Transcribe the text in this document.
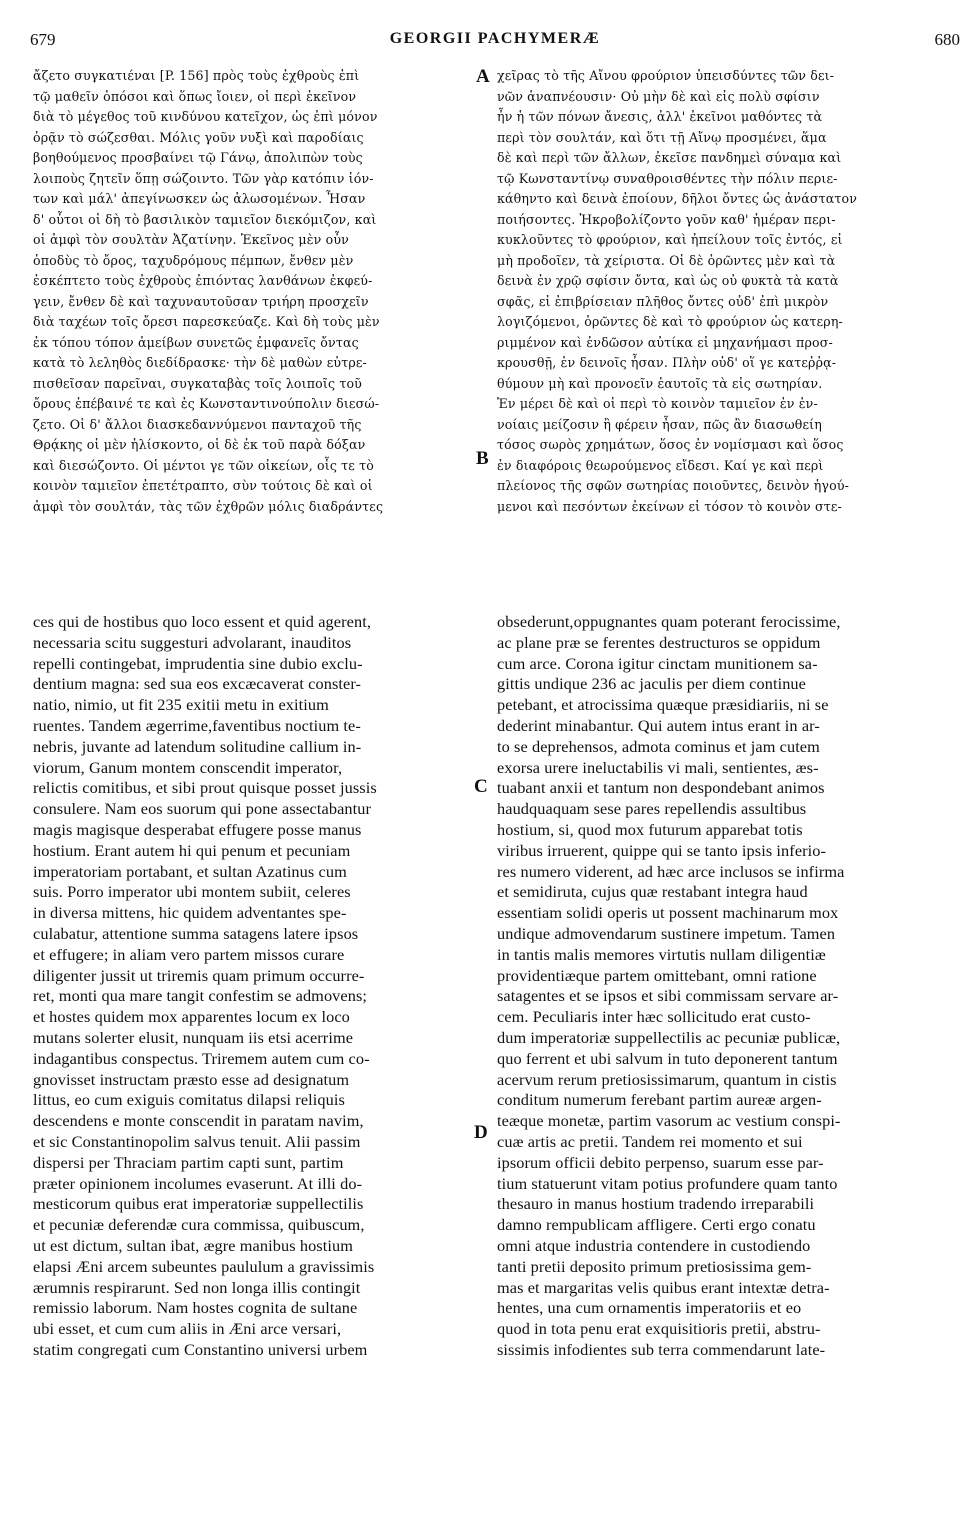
679	GEORGII PACHYMERÆ	680
ἄζετο συγκατιέναι [P. 156] πρὸς τοὺς ἐχθροὺς ἐπὶ
τῷ μαθεῖν ὁπόσοι καὶ ὅπως ἴοιεν, οἱ περὶ ἐκεῖνον
διὰ τὸ μέγεθος τοῦ κινδύνου κατεῖχον, ὡς ἐπὶ μόνον
ὁρᾷν τὸ σώζεσθαι. Μόλις γοῦν νυξὶ καὶ παροδίαις
βοηθούμενος προσβαίνει τῷ Γάνῳ, ἀπολιπὼν τοὺς
λοιποὺς ζητεῖν ὅπῃ σώζοιντο. Τῶν γὰρ κατόπιν ἰόν-
των καὶ μάλ' ἀπεγίνωσκεν ὡς ἁλωσομένων. Ἦσαν
δ' οὗτοι οἱ δὴ τὸ βασιλικὸν ταμιεῖον διεκόμιζον, καὶ
οἱ ἀμφὶ τὸν σουλτὰν Ἀζατίνην. Ἐκεῖνος μὲν οὖν
ὁποδὺς τὸ ὄρος, ταχυδρόμους πέμπων, ἔνθεν μὲν
ἐσκέπτετο τοὺς ἐχθροὺς ἐπιόντας λανθάνων ἐκφεύ-
γειν, ἔνθεν δὲ καὶ ταχυναυτοῦσαν τριήρη προσχεῖν
διὰ ταχέων τοῖς ὄρεσι παρεσκεύαζε. Καὶ δὴ τοὺς μὲν
ἐκ τόπου τόπον ἀμείβων συνετῶς ἐμφανεῖς ὄντας
κατὰ τὸ λεληθὸς διεδίδρασκε· τὴν δὲ μαθὼν εὐτρε-
πισθεῖσαν παρεῖναι, συγκαταβὰς τοῖς λοιποῖς τοῦ
ὄρους ἐπέβαινέ τε καὶ ἐς Κωνσταντινούπολιν διεσώ-
ζετο. Οἱ δ' ἄλλοι διασκεδαννύμενοι πανταχοῦ τῆς
Θρᾴκης οἱ μὲν ἡλίσκοντο, οἱ δὲ ἐκ τοῦ παρὰ δόξαν
καὶ διεσώζοντο. Οἱ μέντοι γε τῶν οἰκείων, οἷς τε τὸ
κοινὸν ταμιεῖον ἐπετέτραπτο, σὺν τούτοις δὲ καὶ οἱ
ἀμφὶ τὸν σουλτάν, τὰς τῶν ἐχθρῶν μόλις διαδράντες
χεῖρας τὸ τῆς Αἴνου φρούριον ὑπεισδύντες τῶν δει-
νῶν ἀναπνέουσιν· Οὐ μὴν δὲ καὶ εἰς πολὺ σφίσιν
ἦν ἡ τῶν πόνων ἄνεσις, ἀλλ' ἐκεῖνοι μαθόντες τὰ
περὶ τὸν σουλτάν, καὶ ὅτι τῇ Αἴνῳ προσμένει, ἅμα
δὲ καὶ περὶ τῶν ἄλλων, ἐκεῖσε πανδημεὶ σύναμα καὶ
τῷ Κωνσταντίνῳ συναθροισθέντες τὴν πόλιν περιε-
κάθηντο καὶ δεινὰ ἐποίουν, δῆλοι ὄντες ὡς ἀνάστατον
ποιήσοντες. Ἠκροβολίζοντο γοῦν καθ' ἡμέραν περι-
κυκλοῦντες τὸ φρούριον, καὶ ἠπείλουν τοῖς ἐντός, εἰ
μὴ προδοῖεν, τὰ χείριστα. Οἱ δὲ ὁρῶντες μὲν καὶ τὰ
δεινὰ ἐν χρῷ σφίσιν ὄντα, καὶ ὡς οὐ φυκτὰ τὰ κατὰ
σφᾶς, εἰ ἐπιβρίσειαν πλῆθος ὄντες οὐδ' ἐπὶ μικρὸν
λογιζόμενοι, ὁρῶντες δὲ καὶ τὸ φρούριον ὡς κατερη-
ριμμένον καὶ ἐνδῶσον αὐτίκα εἰ μηχανήμασι προσ-
κρουσθῇ, ἐν δεινοῖς ἦσαν. Πλὴν οὐδ' οἵ γε κατεῤῥᾳ-
θύμουν μὴ καὶ προνοεῖν ἑαυτοῖς τὰ εἰς σωτηρίαν.
Ἐν μέρει δὲ καὶ οἱ περὶ τὸ κοινὸν ταμιεῖον ἐν ἐν-
νοίαις μείζοσιν ἢ φέρειν ἦσαν, πῶς ἂν διασωθείη
τόσος σωρὸς χρημάτων, ὅσος ἐν νομίσμασι καὶ ὅσος
ἐν διαφόροις θεωρούμενος εἴδεσι. Καί γε καὶ περὶ
πλείονος τῆς σφῶν σωτηρίας ποιοῦντες, δεινὸν ἡγού-
μενοι καὶ πεσόντων ἐκείνων εἰ τόσον τὸ κοινὸν στε-
ces qui de hostibus quo loco essent et quid agerent,
necessaria scitu suggesturi advolarant, inauditos
repelli contingebat, imprudentia sine dubio exclu-
dentium magna: sed sua eos excæcaverat conster-
natio, nimio, ut fit 235 exitii metu in exitium
ruentes. Tandem ægerrime,faventibus noctium te-
nebris, juvante ad latendum solitudine callium in-
viorum, Ganum montem conscendit imperator,
relictis comitibus, et sibi prout quisque posset jussis
consulere. Nam eos suorum qui pone assectabantur
magis magisque desperabat effugere posse manus
hostium. Erant autem hi qui penum et pecuniam
imperatoriam portabant, et sultan Azatinus cum
suis. Porro imperator ubi montem subiit, celeres
in diversa mittens, hic quidem adventantes spe-
culabatur, attentione summa satagens latere ipsos
et effugere; in aliam vero partem missos curare
diligenter jussit ut triremis quam primum occurre-
ret, monti qua mare tangit confestim se admovens;
et hostes quidem mox apparentes locum ex loco
mutans solerter elusit, nunquam iis etsi acerrime
indagantibus conspectus. Triremem autem cum co-
gnovisset instructam præsto esse ad designatum
littus, eo cum exiguis comitatus dilapsi reliquis
descendens e monte conscendit in paratam navim,
et sic Constantinopolim salvus tenuit. Alii passim
dispersi per Thraciam partim capti sunt, partim
præter opinionem incolumes evaserunt. At illi do-
mesticorum quibus erat imperatoriæ suppellectilis
et pecuniæ deferendæ cura commissa, quibuscum,
ut est dictum, sultan ibat, ægre manibus hostium
elapsi Æni arcem subeuntes paululum a gravissimis
ærumnis respirarunt. Sed non longa illis contingit
remissio laborum. Nam hostes cognita de sultane
ubi esset, et cum cum aliis in Æni arce versari,
statim congregati cum Constantino universi urbem
obsederunt,oppugnantes quam poterant ferocissime,
ac plane præ se ferentes destructuros se oppidum
cum arce. Corona igitur cinctam munitionem sa-
gittis undique 236 ac jaculis per diem continue
petebant, et atrocissima quæque præsidiariis, ni se
dederint minabantur. Qui autem intus erant in ar-
to se deprehensos, admota cominus et jam cutem
exorsa urere ineluctabilis vi mali, sentientes, æs-
tuabant anxii et tantum non despondebant animos
haudquaquam sese pares repellendis assultibus
hostium, si, quod mox futurum apparebat totis
viribus irruerent, quippe qui se tanto ipsis inferio-
res numero viderent, ad hæc arce inclusos se infirma
et semidiruta, cujus quæ restabant integra haud
essentiam solidi operis ut possent machinarum mox
undique admovendarum sustinere impetum. Tamen
in tantis malis memores virtutis nullam diligentiæ
providentiæque partem omittebant, omni ratione
satagentes et se ipsos et sibi commissam servare ar-
cem. Peculiaris inter hæc sollicitudo erat custo-
dum imperatoriæ suppellectilis ac pecuniæ publicæ,
quo ferrent et ubi salvum in tuto deponerent tantum
acervum rerum pretiosissimarum, quantum in cistis
conditum numerum ferebant partim aureæ argen-
teæque monetæ, partim vasorum ac vestium conspi-
cuæ artis ac pretii. Tandem rei momento et sui
ipsorum officii debito perpenso, suarum esse par-
tium statuerunt vitam potius profundere quam tanto
thesauro in manus hostium tradendo irreparabili
damno rempublicam affligere. Certi ergo conatu
omni atque industria contendere in custodiendo
tanti pretii deposito primum pretiosissima gem-
mas et margaritas velis quibus erant intextæ detra-
hentes, una cum ornamentis imperatoriis et eo
quod in tota penu erat exquisitioris pretii, abstru-
sissimis infodientes sub terra commendarunt late-
A
B
C
D
